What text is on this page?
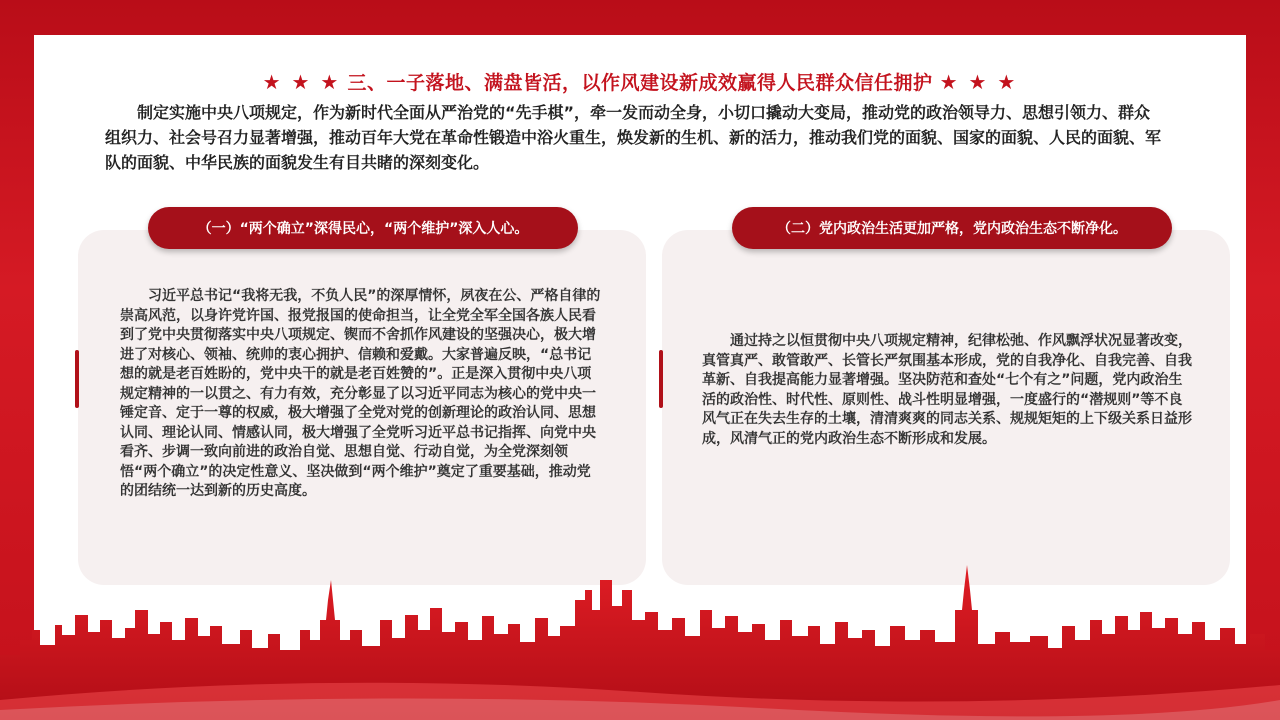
★ ★ ★ 三、一子落地、满盘皆活，以作风建设新成效赢得人民群众信任拥护 ★ ★ ★
制定实施中央八项规定，作为新时代全面从严治党的“先手棋”，牵一发而动全身，小切口撬动大变局，推动党的政治领导力、思想引领力、群众组织力、社会号召力显著增强，推动百年大党在革命性锻造中浴火重生，焕发新的生机、新的活力，推动我们党的面貌、国家的面貌、人民的面貌、军队的面貌、中华民族的面貌发生有目共睹的深刻变化。
（一）“两个确立”深得民心，“两个维护”深入人心。	（二）党内政治生活更加严格，党内政治生态不断净化。
习近平总书记“我将无我，不负人民”的深厚情怀，夙夜在公、严格自律的崇高风范，以身许党许国、报党报国的使命担当，让全党全军全国各族人民看到了党中央贯彻落实中央八项规定、锲而不舍抓作风建设的坚强决心，极大增进了对核心、领袖、统帅的衷心拥护、信赖和爱戴。大家普遍反映，“总书记想的就是老百姓盼的，党中央干的就是老百姓赞的”。正是深入贯彻中央八项规定精神的一以贯之、有力有效，充分彰显了以习近平同志为核心的党中央一锤定音、定于一尊的权威，极大增强了全党对党的创新理论的政治认同、思想认同、理论认同、情感认同，极大增强了全党听习近平总书记指挥、向党中央看齐、步调一致向前进的政治自觉、思想自觉、行动自觉，为全党深刻领悟“两个确立”的决定性意义、坚决做到“两个维护”奠定了重要基础，推动党的团结统一达到新的历史高度。
通过持之以恒贯彻中央八项规定精神，纪律松弛、作风飘浮状况显著改变，真管真严、敢管敢严、长管长严氛围基本形成，党的自我净化、自我完善、自我革新、自我提高能力显著增强。坚决防范和查处“七个有之”问题，党内政治生活的政治性、时代性、原则性、战斗性明显增强，一度盛行的“潜规则”等不良风气正在失去生存的土壤，清清爽爽的同志关系、规规矩矩的上下级关系日益形成，风清气正的党内政治生态不断形成和发展。
